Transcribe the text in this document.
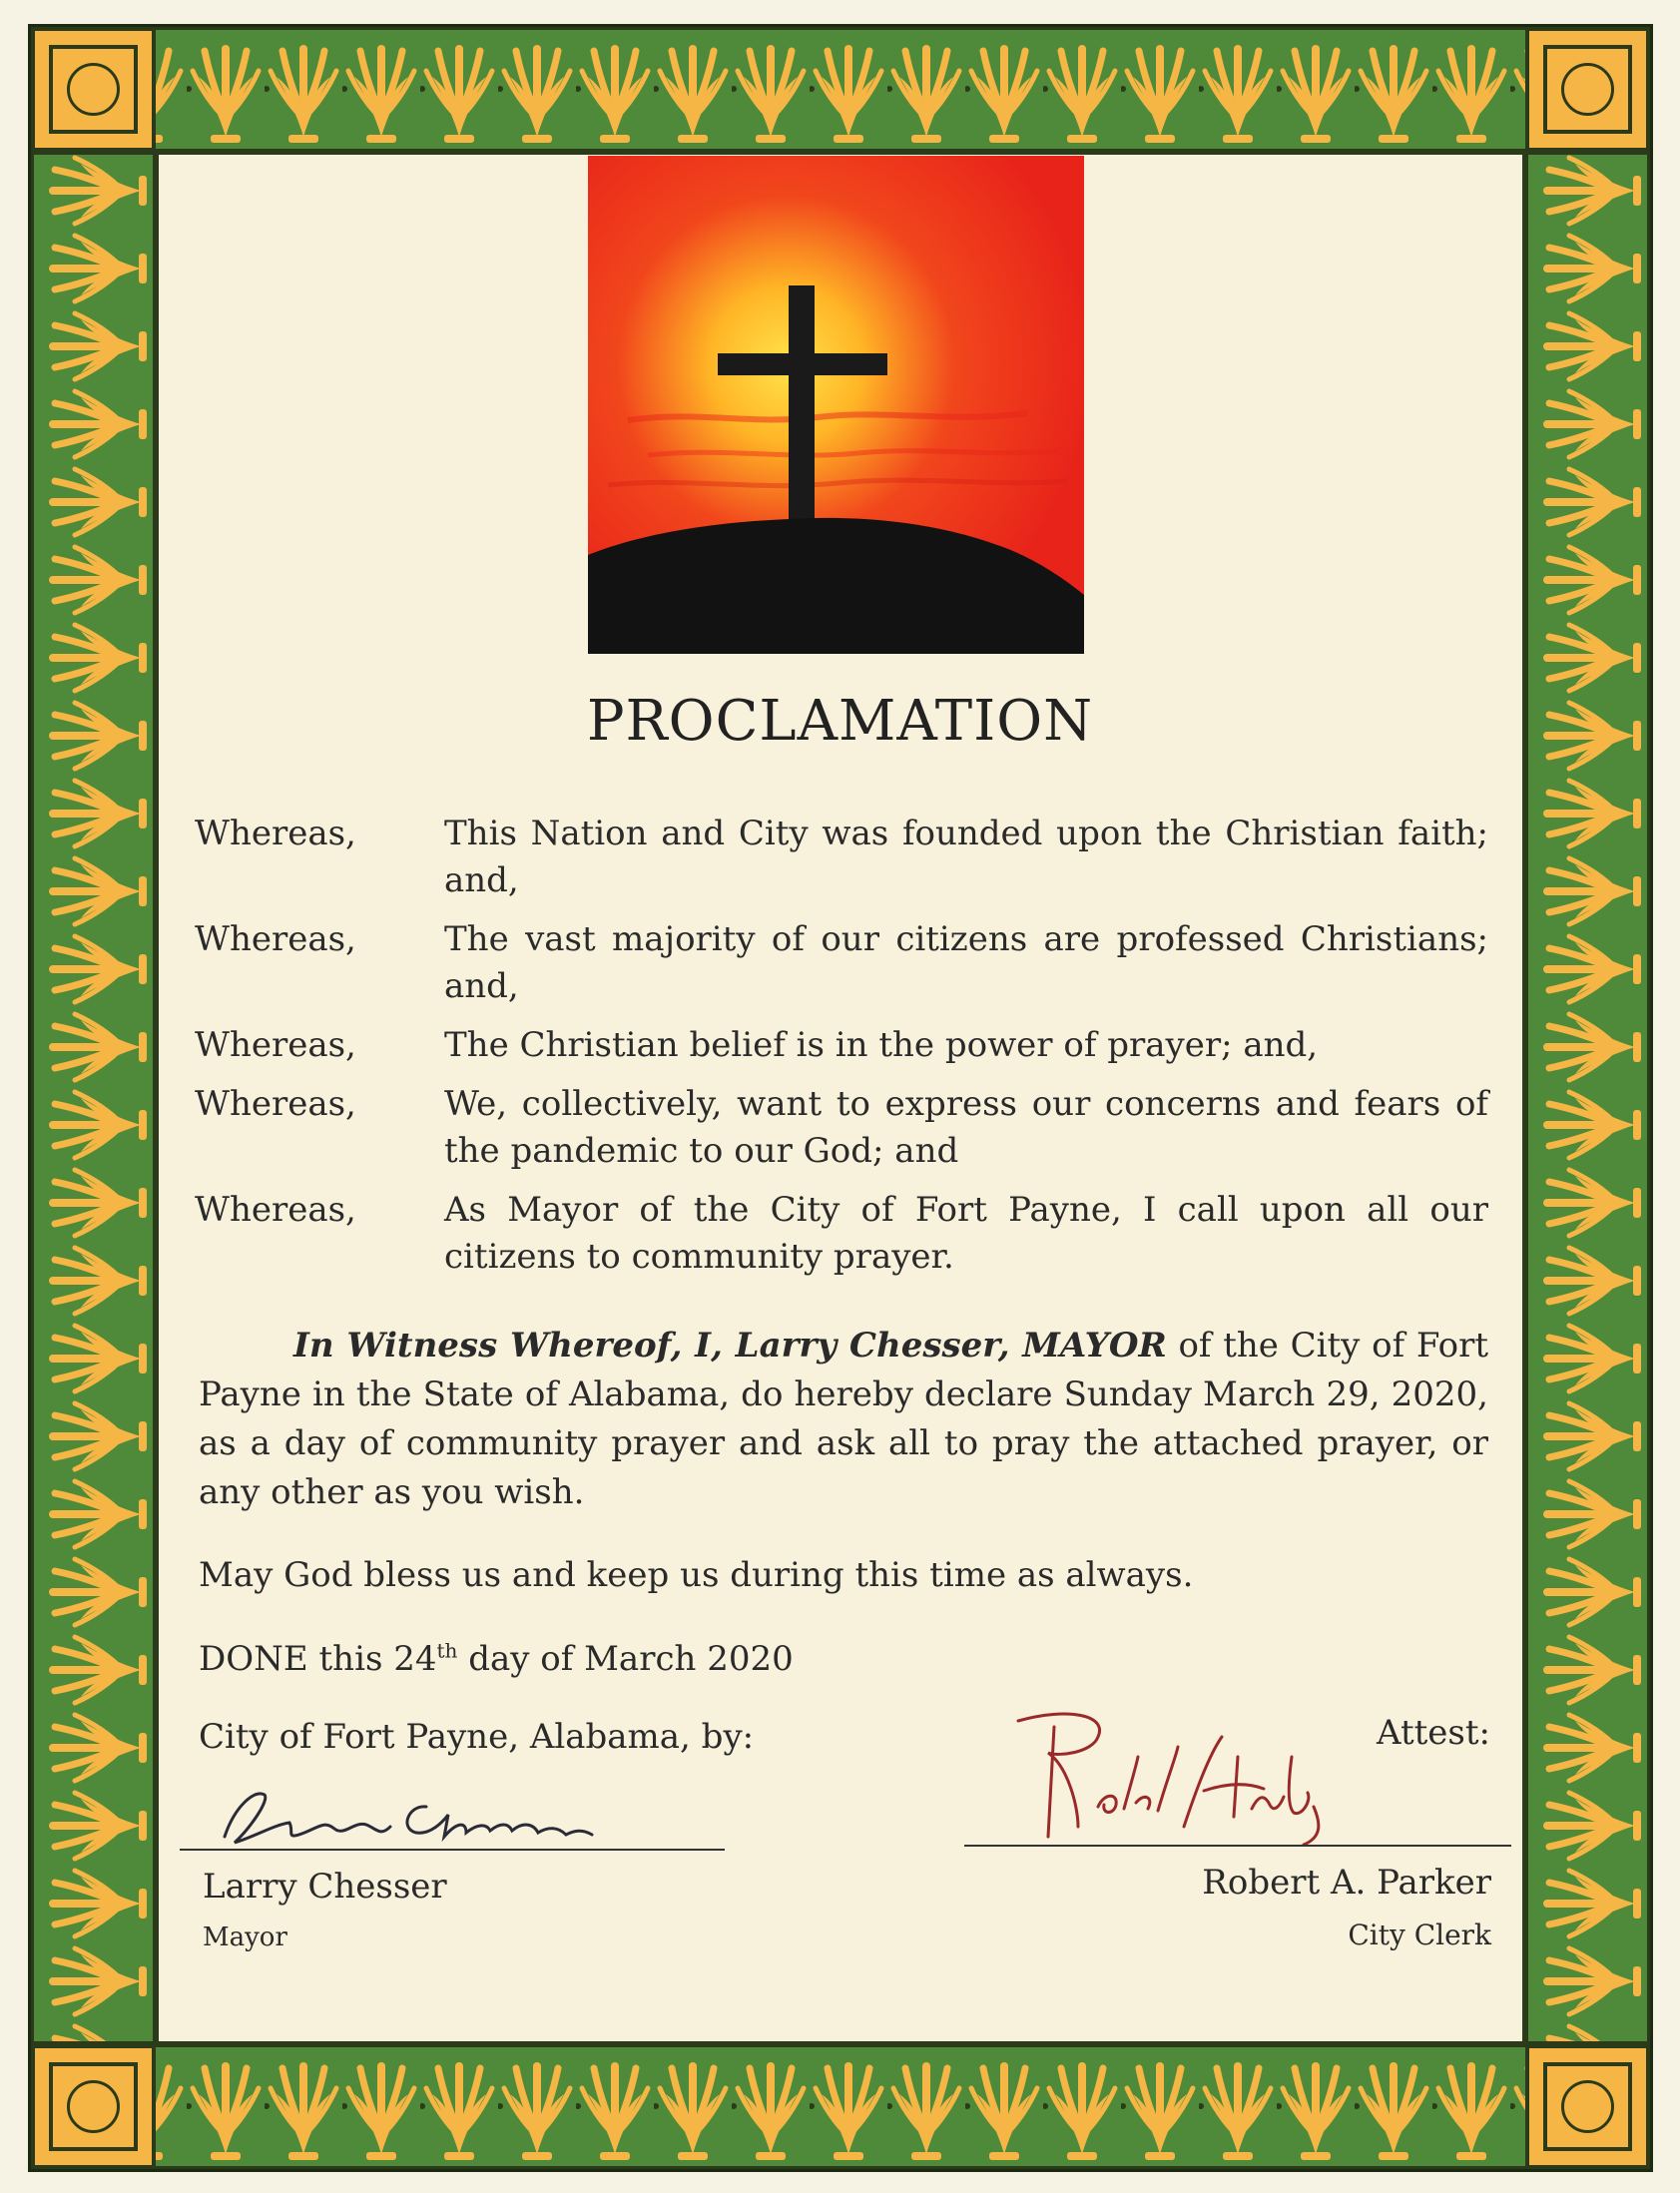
PROCLAMATION
Whereas,	This Nation and City was founded upon the Christian faith; and,
Whereas,	The vast majority of our citizens are professed Christians; and,
Whereas,	The Christian belief is in the power of prayer; and,
Whereas,	We, collectively, want to express our concerns and fears of the pandemic to our God; and
Whereas,	As Mayor of the City of Fort Payne, I call upon all our citizens to community prayer.
In Witness Whereof, I, Larry Chesser, MAYOR of the City of Fort Payne in the State of Alabama, do hereby declare Sunday March 29, 2020, as a day of community prayer and ask all to pray the attached prayer, or any other as you wish.
May God bless us and keep us during this time as always.
DONE this 24th day of March 2020
City of Fort Payne, Alabama, by:	Attest:
Larry Chesser
Mayor
Robert A. Parker
City Clerk
